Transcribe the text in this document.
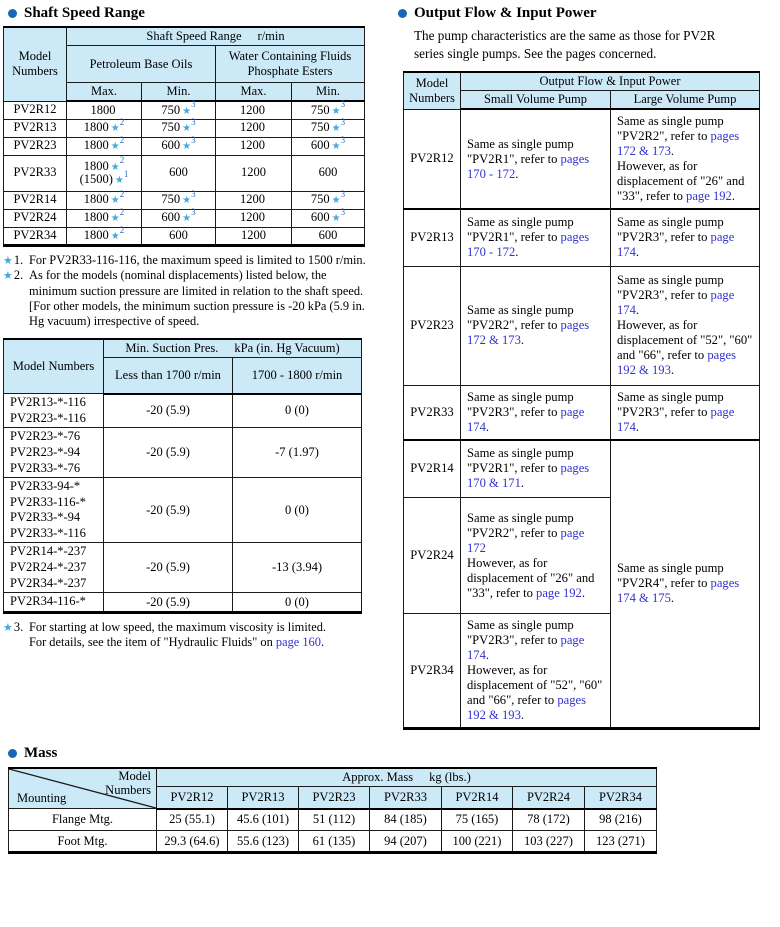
Shaft Speed Range
Model
Numbers	Shaft Speed Range r/min			
	Petroleum Base Oils		Water Containing Fluids
Phosphate Esters	

	Max.	Min.	Max.	Min.
PV2R12	1800	750 ★$^3$	1200	750 ★$^3$
PV2R13	1800 ★$^2$	750 ★$^3$	1200	750 ★$^3$
PV2R23	1800 ★$^2$	600 ★$^3$	1200	600 ★$^3$
PV2R33	1800 ★$^2$
(1500) ★$^1$	600	1200	600
PV2R14	1800 ★$^2$	750 ★$^3$	1200	750 ★$^3$
PV2R24	1800 ★$^2$	600 ★$^3$	1200	600 ★$^3$
PV2R34	1800 ★$^2$	600	1200	600
★1. For PV2R33-116-116, the maximum speed is limited to 1500 r/min.
★2. As for the models (nominal displacements) listed below, the minimum suction pressure are limited in relation to the shaft speed.
[For other models, the minimum suction pressure is -20 kPa (5.9 in. Hg vacuum) irrespective of speed.
Model Numbers	Min. Suction Pres. kPa (in. Hg Vacuum)	
	Less than 1700 r/min	1700 - 1800 r/min

PV2R13-*-116
PV2R23-*-116	-20 (5.9)	0 (0)

PV2R23-*-76
PV2R23-*-94
PV2R33-*-76	-20 (5.9)	-7 (1.97)

PV2R33-94-*
PV2R33-116-*
PV2R33-*-94
PV2R33-*-116	-20 (5.9)	0 (0)

PV2R14-*-237
PV2R24-*-237
PV2R34-*-237	-20 (5.9)	-13 (3.94)

PV2R34-116-*	-20 (5.9)	0 (0)
★3. For starting at low speed, the maximum viscosity is limited.
For details, see the item of "Hydraulic Fluids" on page 160.
Output Flow & Input Power
The pump characteristics are the same as those for PV2R
series single pumps. See the pages concerned.
Model
Numbers	Output Flow & Input Power	
	Small Volume Pump	Large Volume Pump
PV2R12	Same as single pump "PV2R1", refer to pages 170 - 172.	Same as single pump "PV2R2", refer to pages 172 & 173.
However, as for displacement of "26" and "33", refer to page 192.

PV2R13	Same as single pump "PV2R1", refer to pages 170 - 172.	Same as single pump "PV2R3", refer to page 174.

PV2R23	Same as single pump "PV2R2", refer to pages 172 & 173.	Same as single pump "PV2R3", refer to page 174.
However, as for displacement of "52", "60" and "66", refer to pages 192 & 193.

PV2R33	Same as single pump "PV2R3", refer to page 174.	Same as single pump "PV2R3", refer to page 174.

PV2R14	Same as single pump "PV2R1", refer to pages 170 & 171.	Same as single pump "PV2R4", refer to pages 174 & 175.

PV2R24	Same as single pump "PV2R2", refer to page 172
However, as for displacement of "26" and "33", refer to page 192.	

PV2R34	Same as single pump "PV2R3", refer to page 174.
However, as for displacement of "52", "60" and "66", refer to pages 192 & 193.	
Mass
Model
Numbers
Mounting	Approx. Mass kg (lbs.)						
	PV2R12	PV2R13	PV2R23	PV2R33	PV2R14	PV2R24	PV2R34
Flange Mtg.	25 (55.1)	45.6 (101)	51 (112)	84 (185)	75 (165)	78 (172)	98 (216)
Foot Mtg.	29.3 (64.6)	55.6 (123)	61 (135)	94 (207)	100 (221)	103 (227)	123 (271)
